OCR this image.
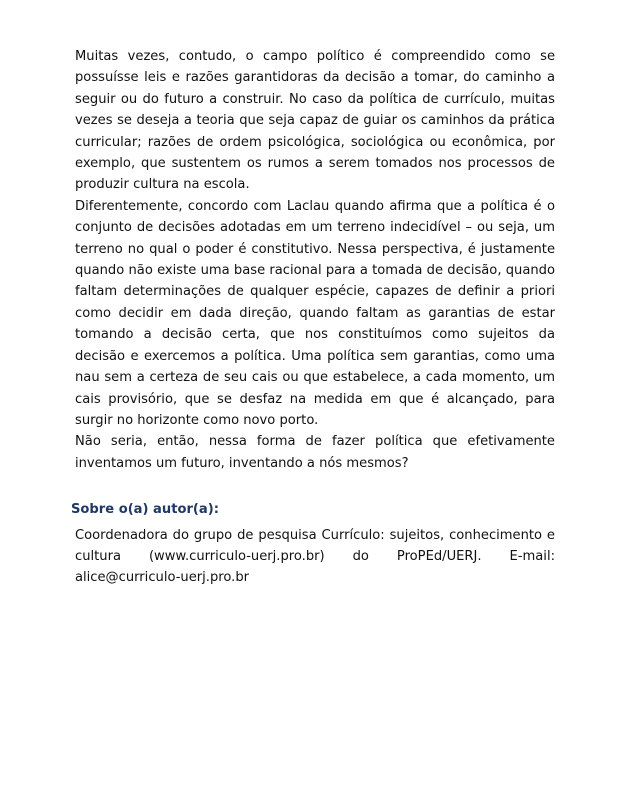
Muitas vezes, contudo, o campo político é compreendido como se possuísse leis e razões garantidoras da decisão a tomar, do caminho a seguir ou do futuro a construir. No caso da política de currículo, muitas vezes se deseja a teoria que seja capaz de guiar os caminhos da prática curricular; razões de ordem psicológica, sociológica ou econômica, por exemplo, que sustentem os rumos a serem tomados nos processos de produzir cultura na escola.

Diferentemente, concordo com Laclau quando afirma que a política é o conjunto de decisões adotadas em um terreno indecidível – ou seja, um terreno no qual o poder é constitutivo. Nessa perspectiva, é justamente quando não existe uma base racional para a tomada de decisão, quando faltam determinações de qualquer espécie, capazes de definir a priori como decidir em dada direção, quando faltam as garantias de estar tomando a decisão certa, que nos constituímos como sujeitos da decisão e exercemos a política. Uma política sem garantias, como uma nau sem a certeza de seu cais ou que estabelece, a cada momento, um cais provisório, que se desfaz na medida em que é alcançado, para surgir no horizonte como novo porto.

Não seria, então, nessa forma de fazer política que efetivamente inventamos um futuro, inventando a nós mesmos?

Sobre o(a) autor(a):

Coordenadora do grupo de pesquisa Currículo: sujeitos, conhecimento e cultura (www.curriculo-uerj.pro.br) do ProPEd/UERJ. E-mail: alice@curriculo-uerj.pro.br
